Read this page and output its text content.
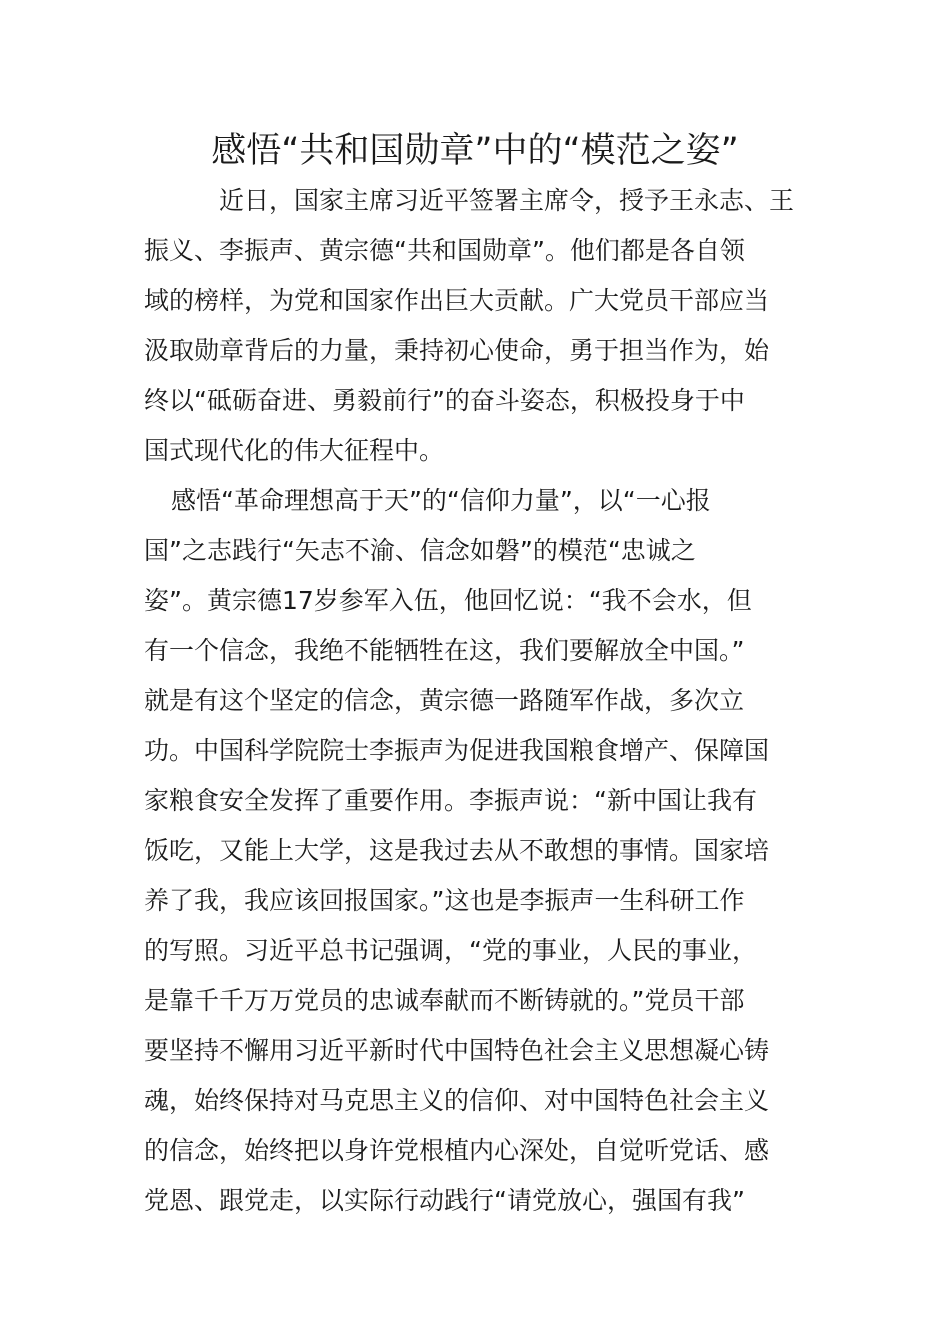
感悟“共和国勋章”中的“模范之姿”
近日，国家主席习近平签署主席令，授予王永志、王
振义、李振声、黄宗德“共和国勋章”。他们都是各自领
域的榜样，为党和国家作出巨大贡献。广大党员干部应当
汲取勋章背后的力量，秉持初心使命，勇于担当作为，始
终以“砥砺奋进、勇毅前行”的奋斗姿态，积极投身于中
国式现代化的伟大征程中。
感悟“革命理想高于天”的“信仰力量”，以“一心报
国”之志践行“矢志不渝、信念如磐”的模范“忠诚之
姿”。黄宗德17岁参军入伍，他回忆说：“我不会水，但
有一个信念，我绝不能牺牲在这，我们要解放全中国。”
就是有这个坚定的信念，黄宗德一路随军作战，多次立
功。中国科学院院士李振声为促进我国粮食增产、保障国
家粮食安全发挥了重要作用。李振声说：“新中国让我有
饭吃，又能上大学，这是我过去从不敢想的事情。国家培
养了我，我应该回报国家。”这也是李振声一生科研工作
的写照。习近平总书记强调，“党的事业，人民的事业，
是靠千千万万党员的忠诚奉献而不断铸就的。”党员干部
要坚持不懈用习近平新时代中国特色社会主义思想凝心铸
魂，始终保持对马克思主义的信仰、对中国特色社会主义
的信念，始终把以身许党根植内心深处，自觉听党话、感
党恩、跟党走，以实际行动践行“请党放心，强国有我”
